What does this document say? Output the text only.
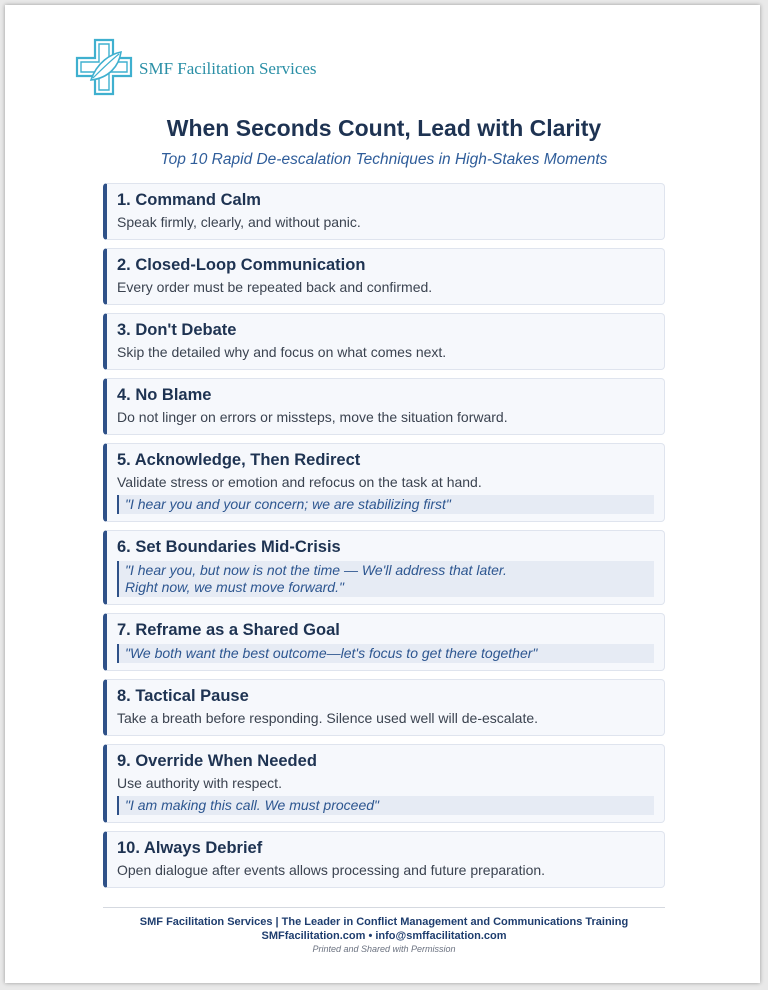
SMF Facilitation Services
When Seconds Count, Lead with Clarity
Top 10 Rapid De-escalation Techniques in High-Stakes Moments
1. Command Calm
Speak firmly, clearly, and without panic.
2. Closed-Loop Communication
Every order must be repeated back and confirmed.
3. Don't Debate
Skip the detailed why and focus on what comes next.
4. No Blame
Do not linger on errors or missteps, move the situation forward.
5. Acknowledge, Then Redirect
Validate stress or emotion and refocus on the task at hand.
"I hear you and your concern; we are stabilizing first"
6. Set Boundaries Mid-Crisis
"I hear you, but now is not the time — We'll address that later.
Right now, we must move forward."
7. Reframe as a Shared Goal
"We both want the best outcome—let's focus to get there together"
8. Tactical Pause
Take a breath before responding. Silence used well will de-escalate.
9. Override When Needed
Use authority with respect.
"I am making this call. We must proceed"
10. Always Debrief
Open dialogue after events allows processing and future preparation.
SMF Facilitation Services | The Leader in Conflict Management and Communications Training
SMFfacilitation.com • info@smffacilitation.com
Printed and Shared with Permission
